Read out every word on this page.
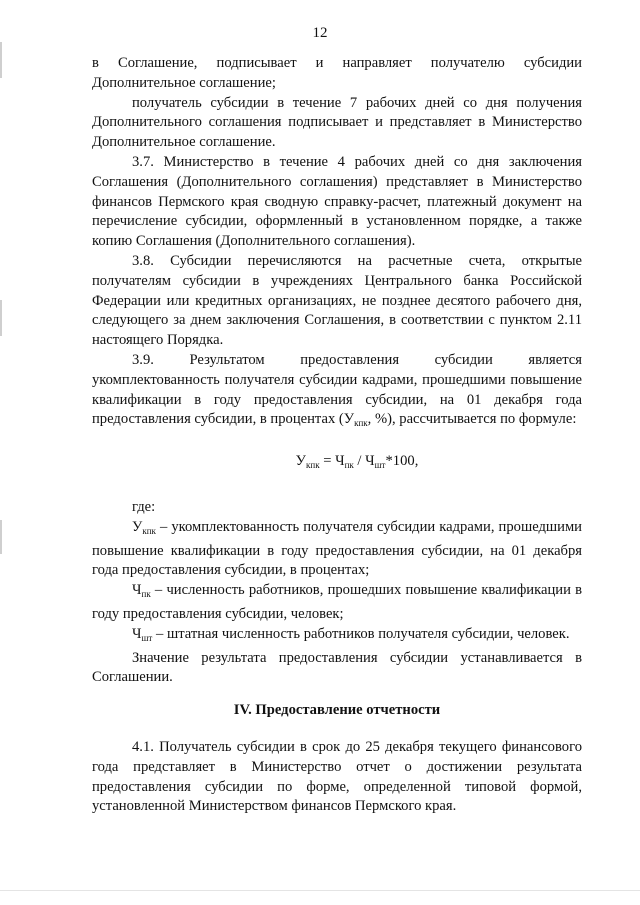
12

в Соглашение, подписывает и направляет получателю субсидии Дополнительное соглашение;

получатель субсидии в течение 7 рабочих дней со дня получения Дополнительного соглашения подписывает и представляет в Министерство Дополнительное соглашение.

3.7. Министерство в течение 4 рабочих дней со дня заключения Соглашения (Дополнительного соглашения) представляет в Министерство финансов Пермского края сводную справку-расчет, платежный документ на перечисление субсидии, оформленный в установленном порядке, а также копию Соглашения (Дополнительного соглашения).

3.8. Субсидии перечисляются на расчетные счета, открытые получателям субсидии в учреждениях Центрального банка Российской Федерации или кредитных организациях, не позднее десятого рабочего дня, следующего за днем заключения Соглашения, в соответствии с пунктом 2.11 настоящего Порядка.

3.9. Результатом предоставления субсидии является укомплектованность получателя субсидии кадрами, прошедшими повышение квалификации в году предоставления субсидии, на 01 декабря года предоставления субсидии, в процентах ($У_{кпк}$, %), рассчитывается по формуле:

$У_{кпк} = Ч_{пк} / Ч_{шт}*100$,

где:

$У_{кпк}$ – укомплектованность получателя субсидии кадрами, прошедшими повышение квалификации в году предоставления субсидии, на 01 декабря года предоставления субсидии, в процентах;

$Ч_{пк}$ – численность работников, прошедших повышение квалификации в году предоставления субсидии, человек;

$Ч_{шт}$ – штатная численность работников получателя субсидии, человек.

Значение результата предоставления субсидии устанавливается в Соглашении.

IV. Предоставление отчетности

4.1. Получатель субсидии в срок до 25 декабря текущего финансового года представляет в Министерство отчет о достижении результата предоставления субсидии по форме, определенной типовой формой, установленной Министерством финансов Пермского края.
